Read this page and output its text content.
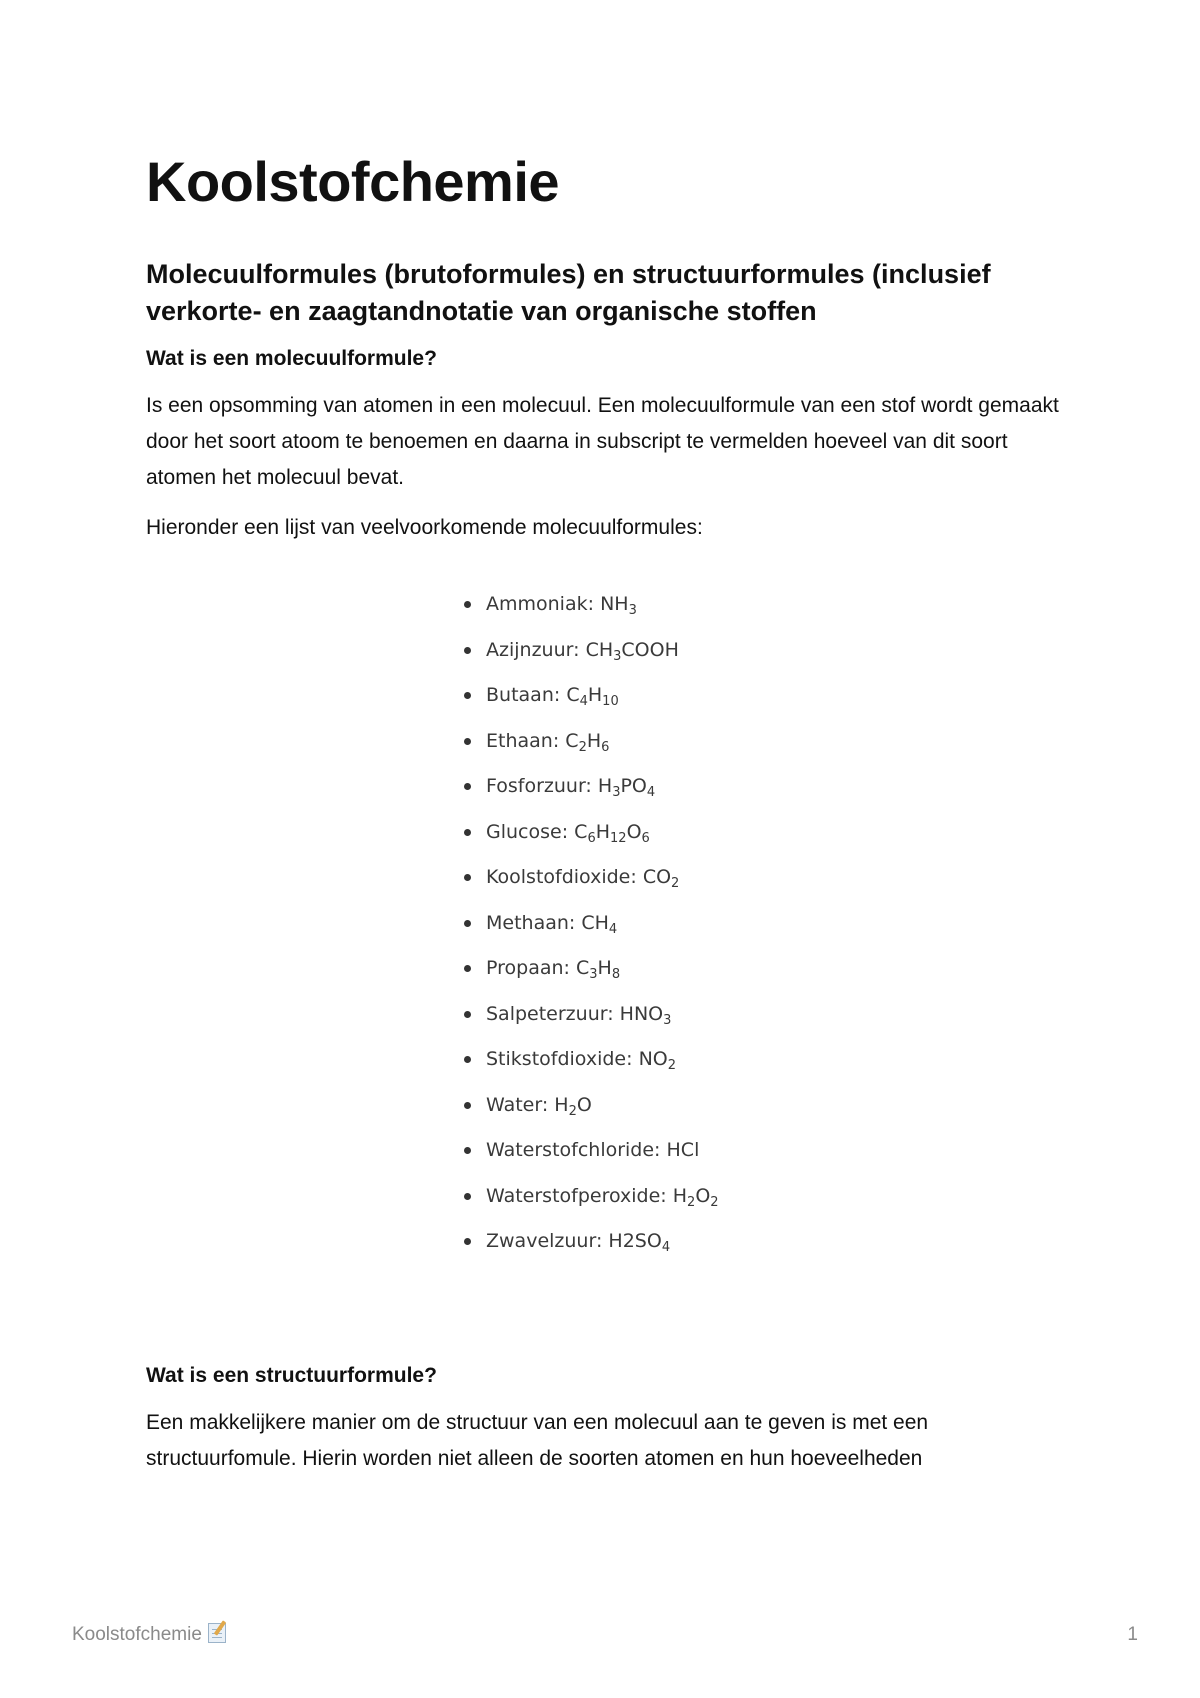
Koolstofchemie
Molecuulformules (brutoformules) en structuurformules (inclusief verkorte- en zaagtandnotatie van organische stoffen
Wat is een molecuulformule?

Is een opsomming van atomen in een molecuul. Een molecuulformule van een stof wordt gemaakt door het soort atoom te benoemen en daarna in subscript te vermelden hoeveel van dit soort atomen het molecuul bevat.

Hieronder een lijst van veelvoorkomende molecuulformules:

Ammoniak: $NH_3$
Azijnzuur: $CH_3COOH$
Butaan: $C_4H_{10}$
Ethaan: $C_2H_6$
Fosforzuur: $H_3PO_4$
Glucose: $C_6H_{12}O_6$
Koolstofdioxide: $CO_2$
Methaan: $CH_4$
Propaan: $C_3H_8$
Salpeterzuur: $HNO_3$
Stikstofdioxide: $NO_2$
Water: $H_2O$
Waterstofchloride: HCl
Waterstofperoxide: $H_2O_2$
Zwavelzuur: $H2SO_4$
Wat is een structuurformule?

Een makkelijkere manier om de structuur van een molecuul aan te geven is met een structuurfomule. Hierin worden niet alleen de soorten atomen en hun hoeveelheden

Koolstofchemie	1
